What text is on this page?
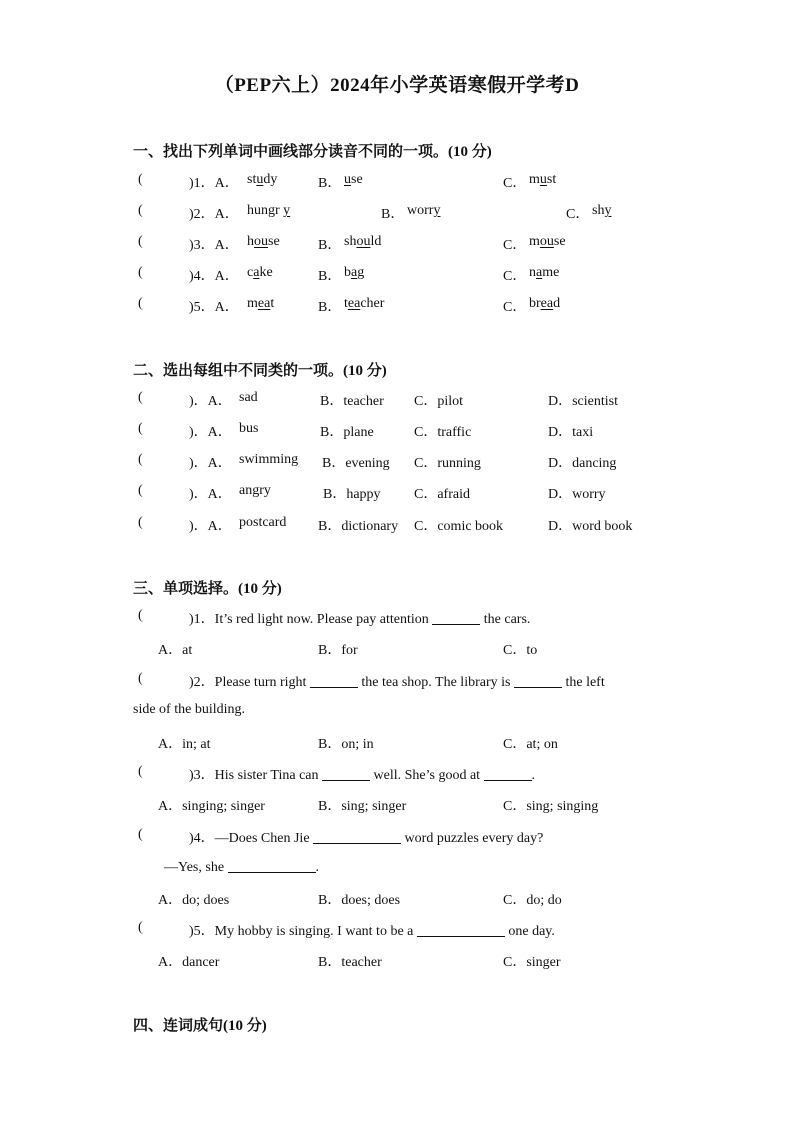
（PEP六上）2024年小学英语寒假开学考D
一、找出下列单词中画线部分读音不同的一项。(10 分)
(	)1．A． study	B． use	C． must
(	)2．A． hungr y	B． worry	C． shy
(	)3．A． house	B． should	C． mouse
(	)4．A． cake	B． bag	C． name
(	)5．A． meat	B． teacher	C． bread
二、选出每组中不同类的一项。(10 分)
(	)．A． sad	B．teacher C．pilot	D．scientist
(	)．A． bus	B．plane	C．traffic	D．taxi
(	)．A． swimming B．evening C．running	D．dancing
(	)．A． angry	B．happy C．afraid	D．worry
(	)．A． postcard B．dictionary C．comic book	D．word book
三、单项选择。(10 分)
(	)1．It’s red light now. Please pay attention	the cars.
A．at	B．for	C．to
(	)2．Please turn right	the tea shop. The library is	the left
side of the building.
A．in; at	B．on; in	C．at; on
(	)3．His sister Tina can	well. She’s good at	.
A．singing; singer	B．sing; singer	C．sing; singing
(	)4．—Does Chen Jie	word puzzles every day?
—Yes, she	.
A．do; does	B．does; does	C．do; do
(	)5．My hobby is singing. I want to be a	one day.
A．dancer	B．teacher	C．singer
四、连词成句(10 分)
